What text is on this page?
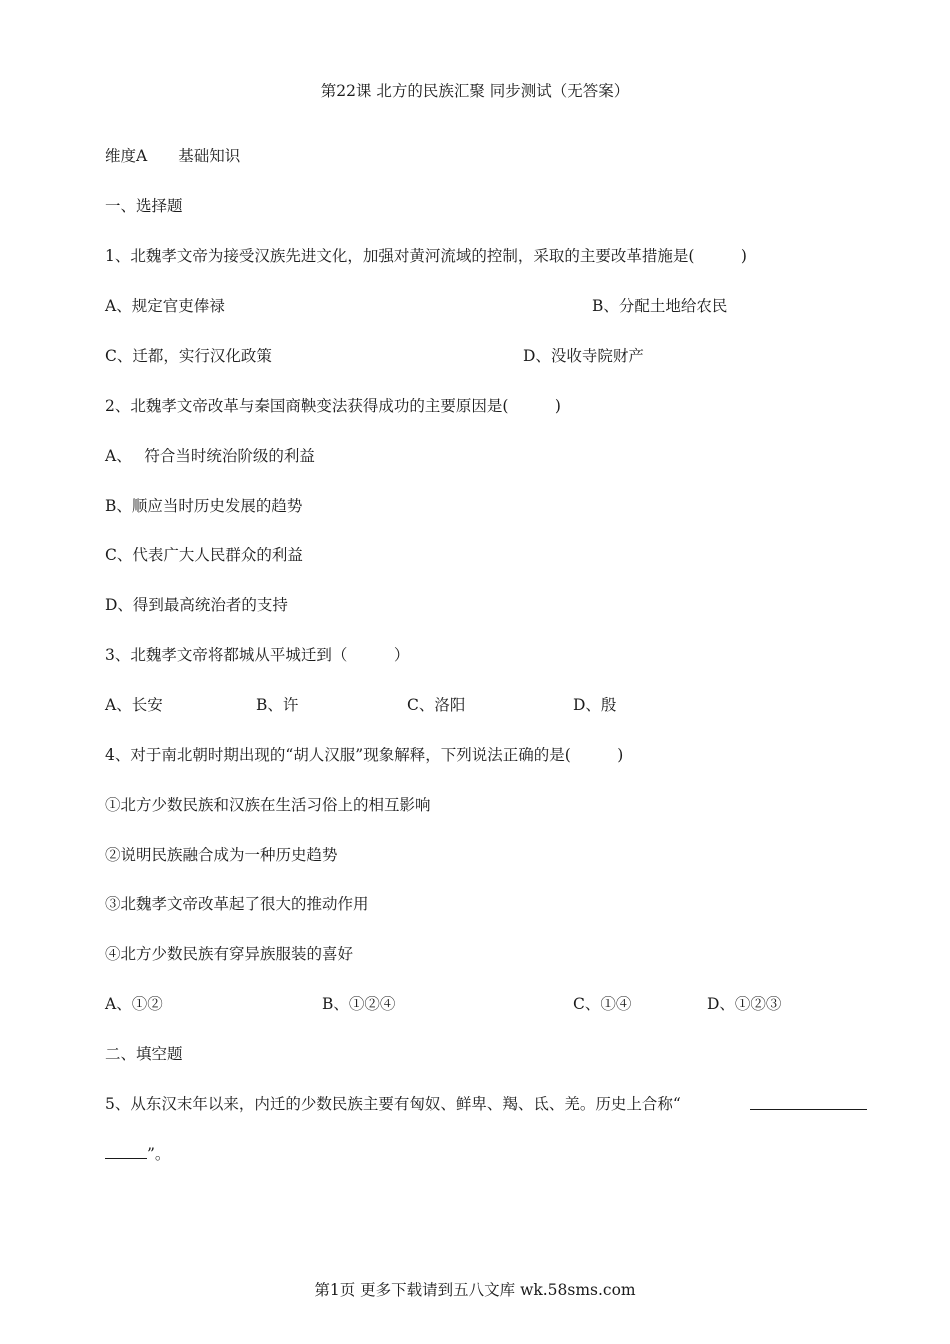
第22课 北方的民族汇聚 同步测试（无答案）
维度A　　基础知识
一、选择题
1、北魏孝文帝为接受汉族先进文化，加强对黄河流域的控制，采取的主要改革措施是(　　　)
A、规定官吏俸禄	B、分配土地给农民
C、迁都，实行汉化政策	D、没收寺院财产
2、北魏孝文帝改革与秦国商鞅变法获得成功的主要原因是(　　　)
A、　 符合当时统治阶级的利益
B、顺应当时历史发展的趋势
C、代表广大人民群众的利益
D、得到最高统治者的支持
3、北魏孝文帝将都城从平城迁到（　　　）
A、长安	B、许	C、洛阳	D、殷
4、对于南北朝时期出现的“胡人汉服”现象解释，下列说法正确的是(　　　)
①北方少数民族和汉族在生活习俗上的相互影响
②说明民族融合成为一种历史趋势
③北魏孝文帝改革起了很大的推动作用
④北方少数民族有穿异族服装的喜好
A、①②	B、①②④	C、①④	D、①②③
二、填空题
5、从东汉末年以来，内迁的少数民族主要有匈奴、鲜卑、羯、氐、羌。历史上合称“
”。
第1页 更多下载请到五八文库 wk.58sms.com
